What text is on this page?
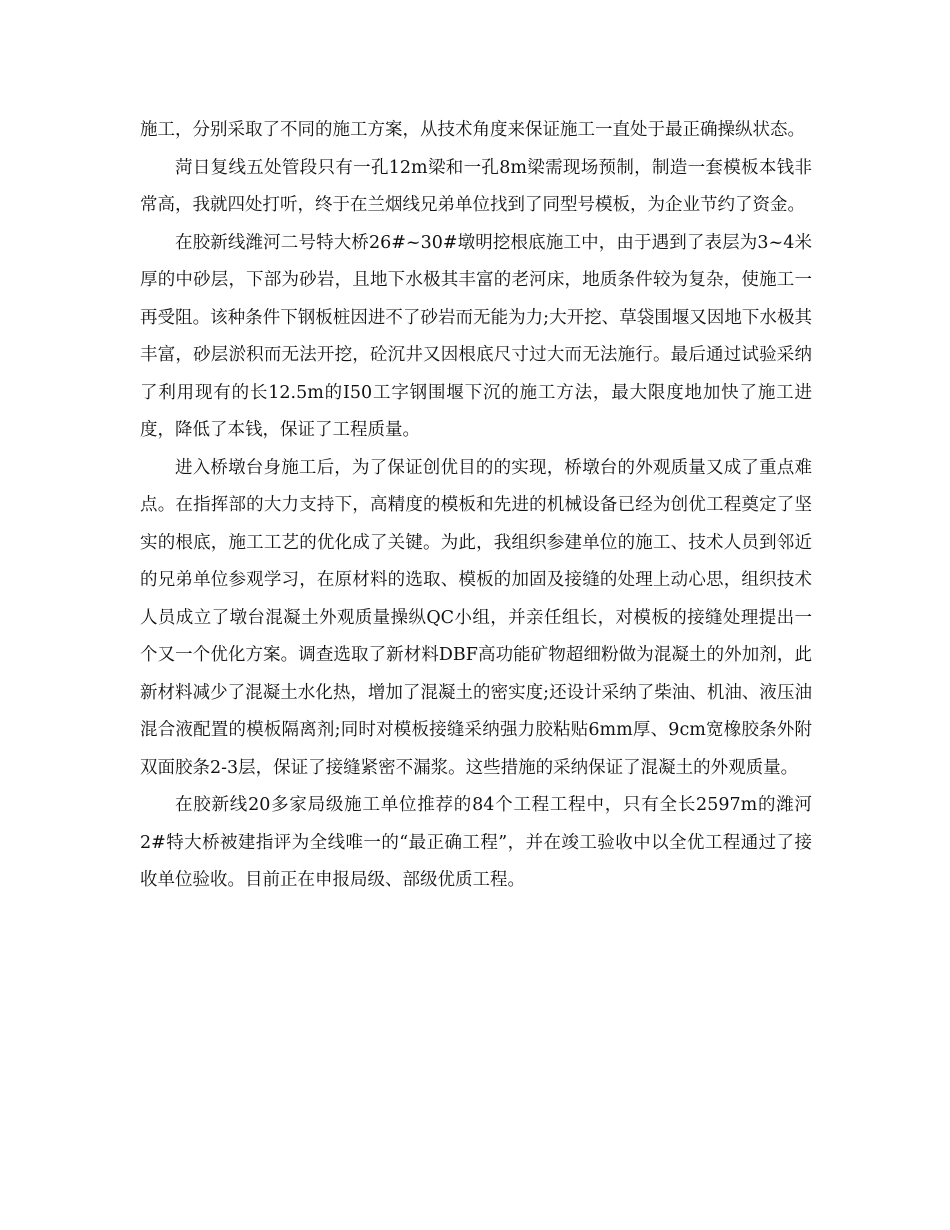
施工，分别采取了不同的施工方案，从技术角度来保证施工一直处于最正确操纵状态。

菏日复线五处管段只有一孔12m梁和一孔8m梁需现场预制，制造一套模板本钱非常高，我就四处打听，终于在兰烟线兄弟单位找到了同型号模板，为企业节约了资金。

在胶新线潍河二号特大桥26#~30#墩明挖根底施工中，由于遇到了表层为3~4米厚的中砂层，下部为砂岩，且地下水极其丰富的老河床，地质条件较为复杂，使施工一再受阻。该种条件下钢板桩因进不了砂岩而无能为力;大开挖、草袋围堰又因地下水极其丰富，砂层淤积而无法开挖，砼沉井又因根底尺寸过大而无法施行。最后通过试验采纳了利用现有的长12.5m的I50工字钢围堰下沉的施工方法，最大限度地加快了施工进度，降低了本钱，保证了工程质量。

进入桥墩台身施工后，为了保证创优目的的实现，桥墩台的外观质量又成了重点难点。在指挥部的大力支持下，高精度的模板和先进的机械设备已经为创优工程奠定了坚实的根底，施工工艺的优化成了关键。为此，我组织参建单位的施工、技术人员到邻近的兄弟单位参观学习，在原材料的选取、模板的加固及接缝的处理上动心思，组织技术人员成立了墩台混凝土外观质量操纵QC小组，并亲任组长，对模板的接缝处理提出一个又一个优化方案。调查选取了新材料DBF高功能矿物超细粉做为混凝土的外加剂，此新材料减少了混凝土水化热，增加了混凝土的密实度;还设计采纳了柴油、机油、液压油混合液配置的模板隔离剂;同时对模板接缝采纳强力胶粘贴6mm厚、9cm宽橡胶条外附双面胶条2-3层，保证了接缝紧密不漏浆。这些措施的采纳保证了混凝土的外观质量。

在胶新线20多家局级施工单位推荐的84个工程工程中，只有全长2597m的潍河2#特大桥被建指评为全线唯一的“最正确工程”，并在竣工验收中以全优工程通过了接收单位验收。目前正在申报局级、部级优质工程。
